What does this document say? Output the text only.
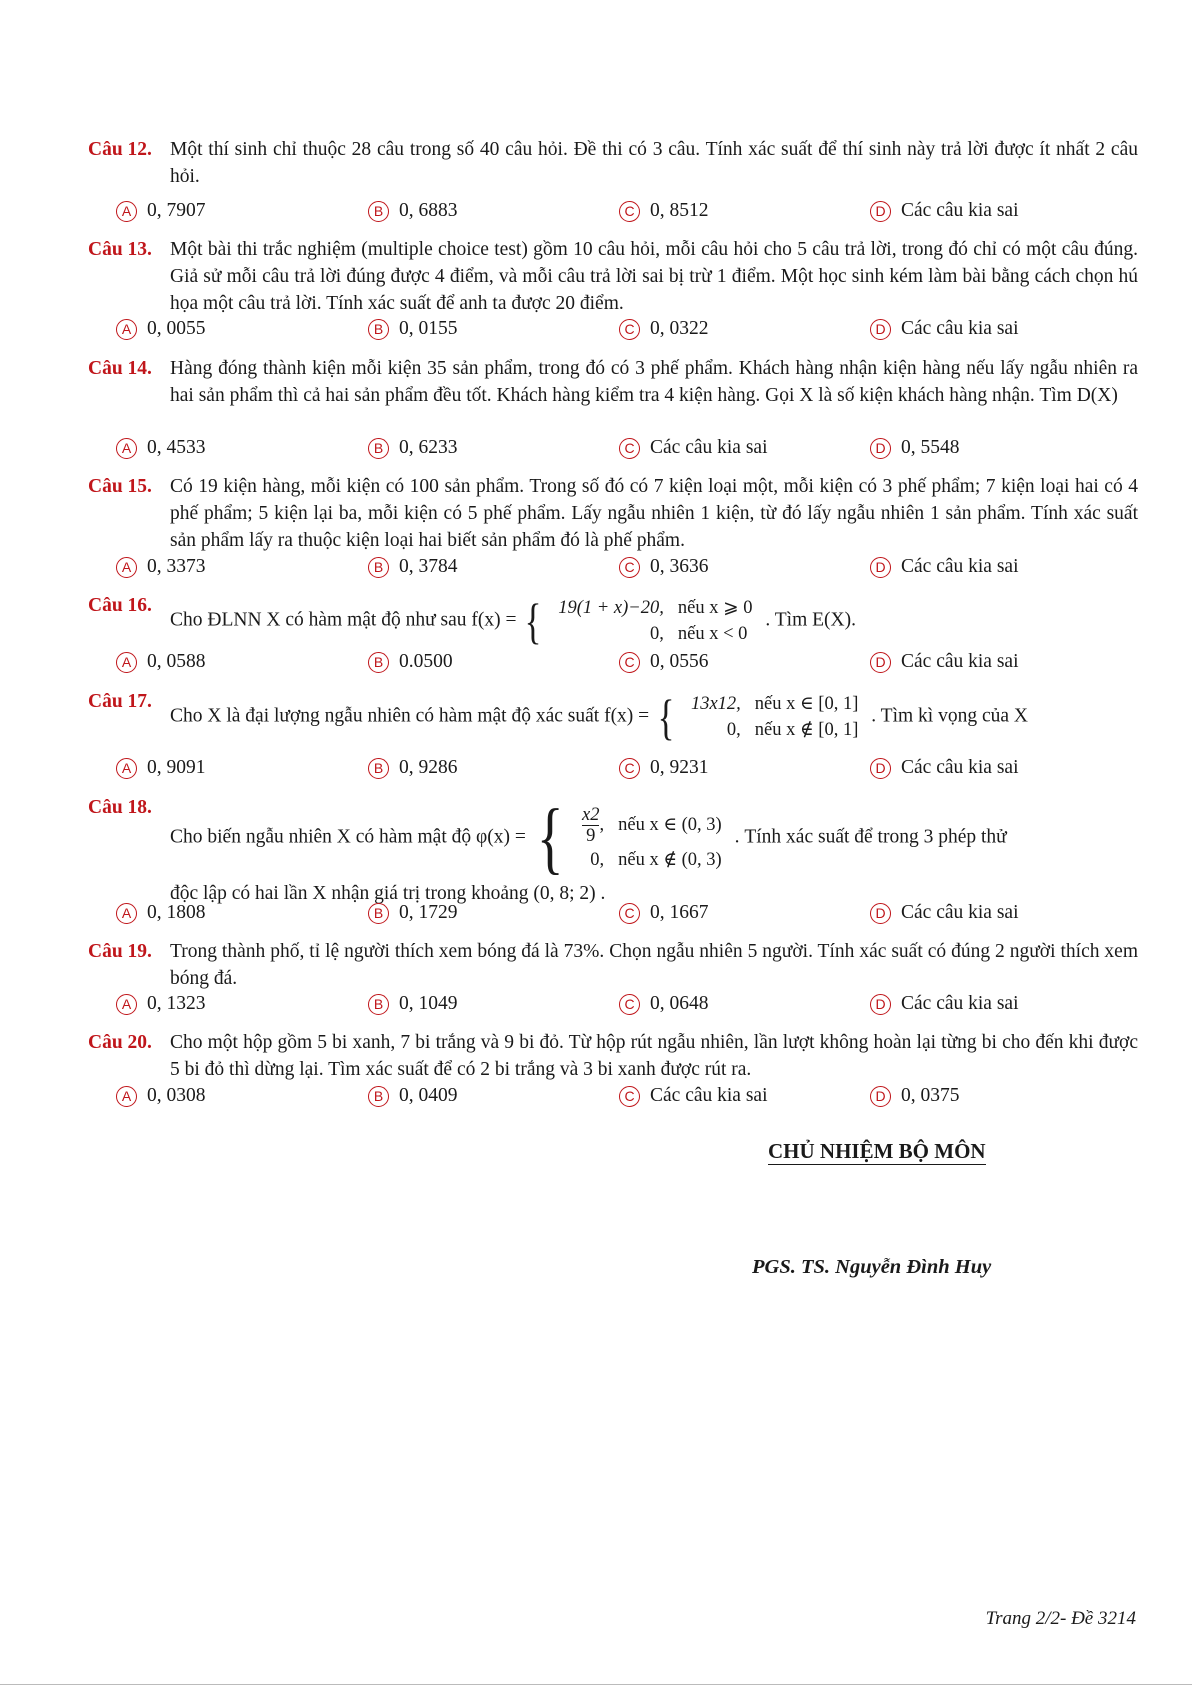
Câu 12. Một thí sinh chỉ thuộc 28 câu trong số 40 câu hỏi. Đề thi có 3 câu. Tính xác suất để thí sinh này trả lời được ít nhất 2 câu hỏi.
A 0, 7907	B 0, 6883	C 0, 8512	D Các câu kia sai
Câu 13. Một bài thi trắc nghiệm (multiple choice test) gồm 10 câu hỏi, mỗi câu hỏi cho 5 câu trả lời, trong đó chỉ có một câu đúng. Giả sử mỗi câu trả lời đúng được 4 điểm, và mỗi câu trả lời sai bị trừ 1 điểm. Một học sinh kém làm bài bằng cách chọn hú họa một câu trả lời. Tính xác suất để anh ta được 20 điểm.
A 0, 0055	B 0, 0155	C 0, 0322	D Các câu kia sai
Câu 14. Hàng đóng thành kiện mỗi kiện 35 sản phẩm, trong đó có 3 phế phẩm. Khách hàng nhận kiện hàng nếu lấy ngẫu nhiên ra hai sản phẩm thì cả hai sản phẩm đều tốt. Khách hàng kiểm tra 4 kiện hàng. Gọi X là số kiện khách hàng nhận. Tìm D(X)
A 0, 4533	B 0, 6233	C Các câu kia sai	D 0, 5548
Câu 15. Có 19 kiện hàng, mỗi kiện có 100 sản phẩm. Trong số đó có 7 kiện loại một, mỗi kiện có 3 phế phẩm; 7 kiện loại hai có 4 phế phẩm; 5 kiện lại ba, mỗi kiện có 5 phế phẩm. Lấy ngẫu nhiên 1 kiện, từ đó lấy ngẫu nhiên 1 sản phẩm. Tính xác suất sản phẩm lấy ra thuộc kiện loại hai biết sản phẩm đó là phế phẩm.
A 0, 3373	B 0, 3784	C 0, 3636	D Các câu kia sai
Câu 16.
Cho ĐLNN X có hàm mật độ như sau f(x) = { 19(1 + x)−20,	nếu x ⩾ 0
0,	nếu x < 0 . Tìm E(X).
A 0, 0588	B 0.0500	C 0, 0556	D Các câu kia sai
Câu 17.
Cho X là đại lượng ngẫu nhiên có hàm mật độ xác suất f(x) = { 13x12,	nếu x ∈ [0, 1]
0,	nếu x ∉ [0, 1] . Tìm kì vọng của X
A 0, 9091	B 0, 9286	C 0, 9231	D Các câu kia sai
Câu 18.
Cho biến ngẫu nhiên X có hàm mật độ φ(x) = { $\frac{x2}{9}$ ,	nếu x ∈ (0, 3)
0,	nếu x ∉ (0, 3) . Tính xác suất để trong 3 phép thử
độc lập có hai lần X nhận giá trị trong khoảng (0, 8; 2) .
A 0, 1808	B 0, 1729	C 0, 1667	D Các câu kia sai
Câu 19. Trong thành phố, tỉ lệ người thích xem bóng đá là 73%. Chọn ngẫu nhiên 5 người. Tính xác suất có đúng 2 người thích xem bóng đá.
A 0, 1323	B 0, 1049	C 0, 0648	D Các câu kia sai
Câu 20. Cho một hộp gồm 5 bi xanh, 7 bi trắng và 9 bi đỏ. Từ hộp rút ngẫu nhiên, lần lượt không hoàn lại từng bi cho đến khi được 5 bi đỏ thì dừng lại. Tìm xác suất để có 2 bi trắng và 3 bi xanh được rút ra.
A 0, 0308	B 0, 0409	C Các câu kia sai	D 0, 0375
CHỦ NHIỆM BỘ MÔN
PGS. TS. Nguyễn Đình Huy
Trang 2/2- Đề 3214
